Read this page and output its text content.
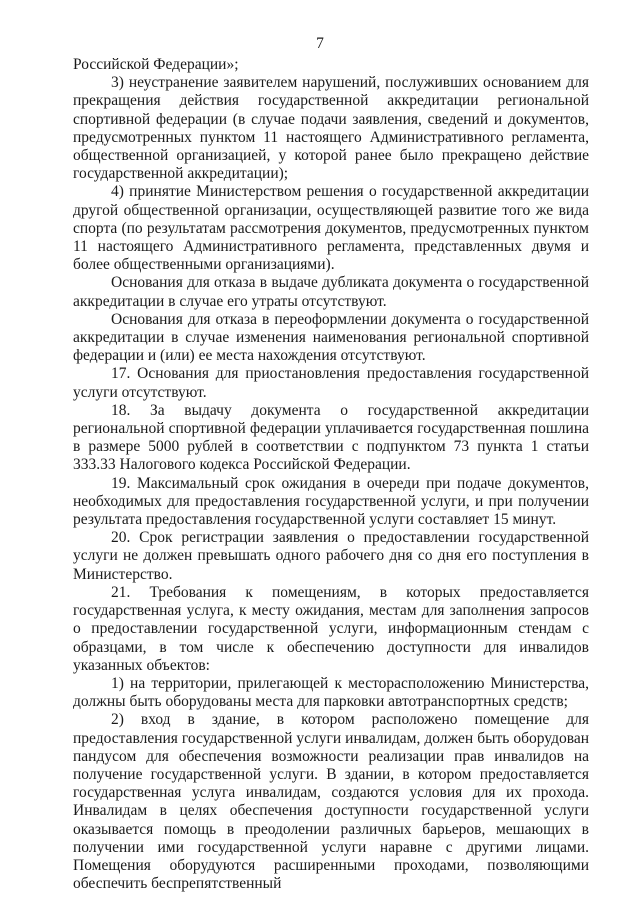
7

Российской Федерации»;

3) неустранение заявителем нарушений, послуживших основанием для прекращения действия государственной аккредитации региональной спортивной федерации (в случае подачи заявления, сведений и документов, предусмотренных пунктом 11 настоящего Административного регламента, общественной организацией, у которой ранее было прекращено действие государственной аккредитации);

4) принятие Министерством решения о государственной аккредитации другой общественной организации, осуществляющей развитие того же вида спорта (по результатам рассмотрения документов, предусмотренных пунктом 11 настоящего Административного регламента, представленных двумя и более общественными организациями).

Основания для отказа в выдаче дубликата документа о государственной аккредитации в случае его утраты отсутствуют.

Основания для отказа в переоформлении документа о государственной аккредитации в случае изменения наименования региональной спортивной федерации и (или) ее места нахождения отсутствуют.

17. Основания для приостановления предоставления государственной услуги отсутствуют.

18. За выдачу документа о государственной аккредитации региональной спортивной федерации уплачивается государственная пошлина в размере 5000 рублей в соответствии с подпунктом 73 пункта 1 статьи 333.33 Налогового кодекса Российской Федерации.

19. Максимальный срок ожидания в очереди при подаче документов, необходимых для предоставления государственной услуги, и при получении результата предоставления государственной услуги составляет 15 минут.

20. Срок регистрации заявления о предоставлении государственной услуги не должен превышать одного рабочего дня со дня его поступления в Министерство.

21. Требования к помещениям, в которых предоставляется государственная услуга, к месту ожидания, местам для заполнения запросов о предоставлении государственной услуги, информационным стендам с образцами, в том числе к обеспечению доступности для инвалидов указанных объектов:

1) на территории, прилегающей к месторасположению Министерства, должны быть оборудованы места для парковки автотранспортных средств;

2) вход в здание, в котором расположено помещение для предоставления государственной услуги инвалидам, должен быть оборудован пандусом для обеспечения возможности реализации прав инвалидов на получение государственной услуги. В здании, в котором предоставляется государственная услуга инвалидам, создаются условия для их прохода. Инвалидам в целях обеспечения доступности государственной услуги оказывается помощь в преодолении различных барьеров, мешающих в получении ими государственной услуги наравне с другими лицами. Помещения оборудуются расширенными проходами, позволяющими обеспечить беспрепятственный
